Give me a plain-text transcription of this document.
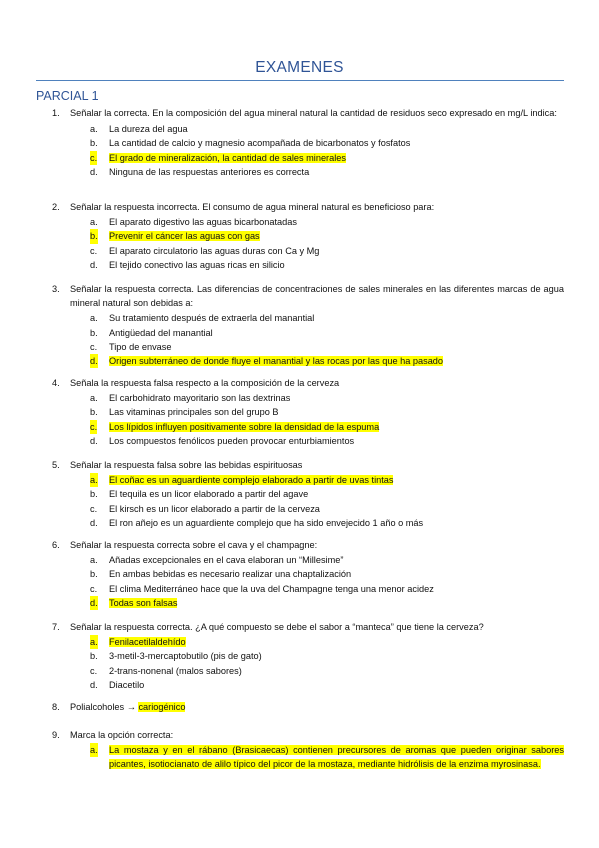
EXAMENES
PARCIAL 1
1. Señalar la correcta. En la composición del agua mineral natural la cantidad de residuos seco expresado en mg/L indica:
a. La dureza del agua
b. La cantidad de calcio y magnesio acompañada de bicarbonatos y fosfatos
c. El grado de mineralización, la cantidad de sales minerales
d. Ninguna de las respuestas anteriores es correcta
2. Señalar la respuesta incorrecta. El consumo de agua mineral natural es beneficioso para:
a. El aparato digestivo las aguas bicarbonatadas
b. Prevenir el cáncer las aguas con gas
c. El aparato circulatorio las aguas duras con Ca y Mg
d. El tejido conectivo las aguas ricas en silicio
3. Señalar la respuesta correcta. Las diferencias de concentraciones de sales minerales en las diferentes marcas de agua mineral natural son debidas a:
a. Su tratamiento después de extraerla del manantial
b. Antigüedad del manantial
c. Tipo de envase
d. Origen subterráneo de donde fluye el manantial y las rocas por las que ha pasado
4. Señala la respuesta falsa respecto a la composición de la cerveza
a. El carbohidrato mayoritario son las dextrinas
b. Las vitaminas principales son del grupo B
c. Los lípidos influyen positivamente sobre la densidad de la espuma
d. Los compuestos fenólicos pueden provocar enturbiamientos
5. Señalar la respuesta falsa sobre las bebidas espirituosas
a. El coñac es un aguardiente complejo elaborado a partir de uvas tintas
b. El tequila es un licor elaborado a partir del agave
c. El kirsch es un licor elaborado a partir de la cerveza
d. El ron añejo es un aguardiente complejo que ha sido envejecido 1 año o más
6. Señalar la respuesta correcta sobre el cava y el champagne:
a. Añadas excepcionales en el cava elaboran un “Millesime”
b. En ambas bebidas es necesario realizar una chaptalización
c. El clima Mediterráneo hace que la uva del Champagne tenga una menor acidez
d. Todas son falsas
7. Señalar la respuesta correcta. ¿A qué compuesto se debe el sabor a “manteca” que tiene la cerveza?
a. Fenilacetilaldehído
b. 3-metil-3-mercaptobutilo (pis de gato)
c. 2-trans-nonenal (malos sabores)
d. Diacetilo
8. Polialcoholes → cariogénico
9. Marca la opción correcta:
a. La mostaza y en el rábano (Brasicaecas) contienen precursores de aromas que pueden originar sabores picantes, isotiocianato de alilo típico del picor de la mostaza, mediante hidrólisis de la enzima myrosinasa.
